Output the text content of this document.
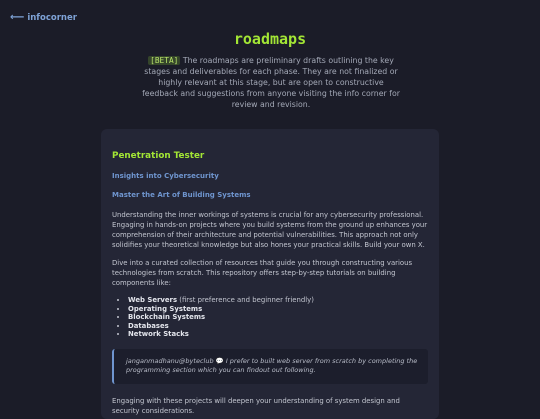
⟵ infocorner
roadmaps
[BETA] The roadmaps are preliminary drafts outlining the key stages and deliverables for each phase. They are not finalized or highly relevant at this stage, but are open to constructive feedback and suggestions from anyone visiting the info corner for review and revision.
Penetration Tester
Insights into Cybersecurity
Master the Art of Building Systems

Understanding the inner workings of systems is crucial for any cybersecurity professional. Engaging in hands-on projects where you build systems from the ground up enhances your comprehension of their architecture and potential vulnerabilities. This approach not only solidifies your theoretical knowledge but also hones your practical skills. Build your own X.

Dive into a curated collection of resources that guide you through constructing various technologies from scratch. This repository offers step-by-step tutorials on building components like:

• Web Servers (first preference and beginner friendly)
• Operating Systems
• Blockchain Systems
• Databases
• Network Stacks
janganmadhanu@byteclub 💬 I prefer to built web server from scratch by completing the programming section which you can findout out following.

Engaging with these projects will deepen your understanding of system design and security considerations.
